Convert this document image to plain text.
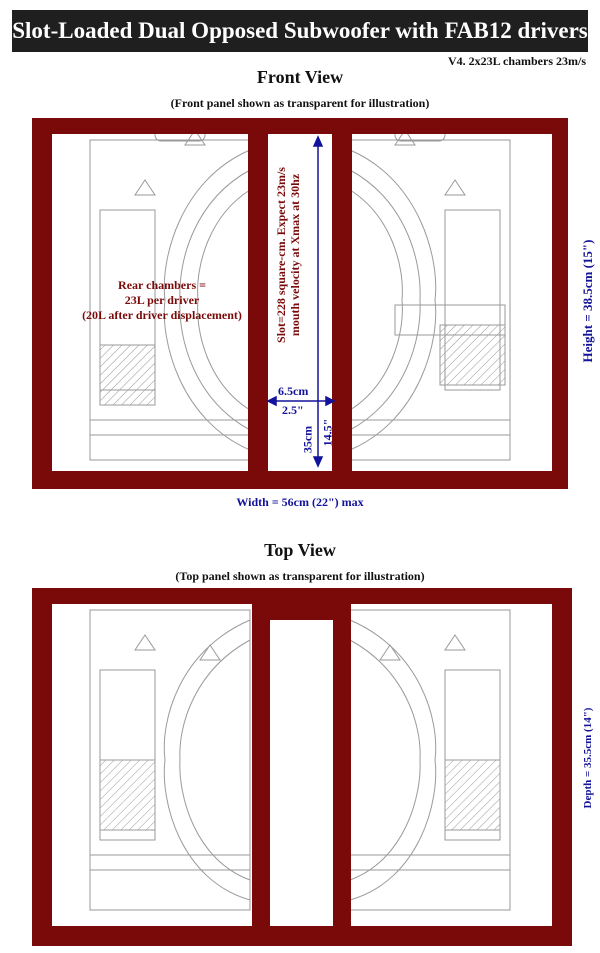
Slot-Loaded Dual Opposed Subwoofer with FAB12 drivers
V4. 2x23L chambers 23m/s
Front View
(Front panel shown as transparent for illustration)
Rear chambers =
23L per driver
(20L after driver displacement)	Slot=228 square-cm. Expect 23m/s mouth velocity at Xmax at 30hz
6.5cm
2.5"
35cm 14.5"
Height = 38.5cm (15")
Width = 56cm (22") max
Top View
(Top panel shown as transparent for illustration)
Depth = 35.5cm (14")
